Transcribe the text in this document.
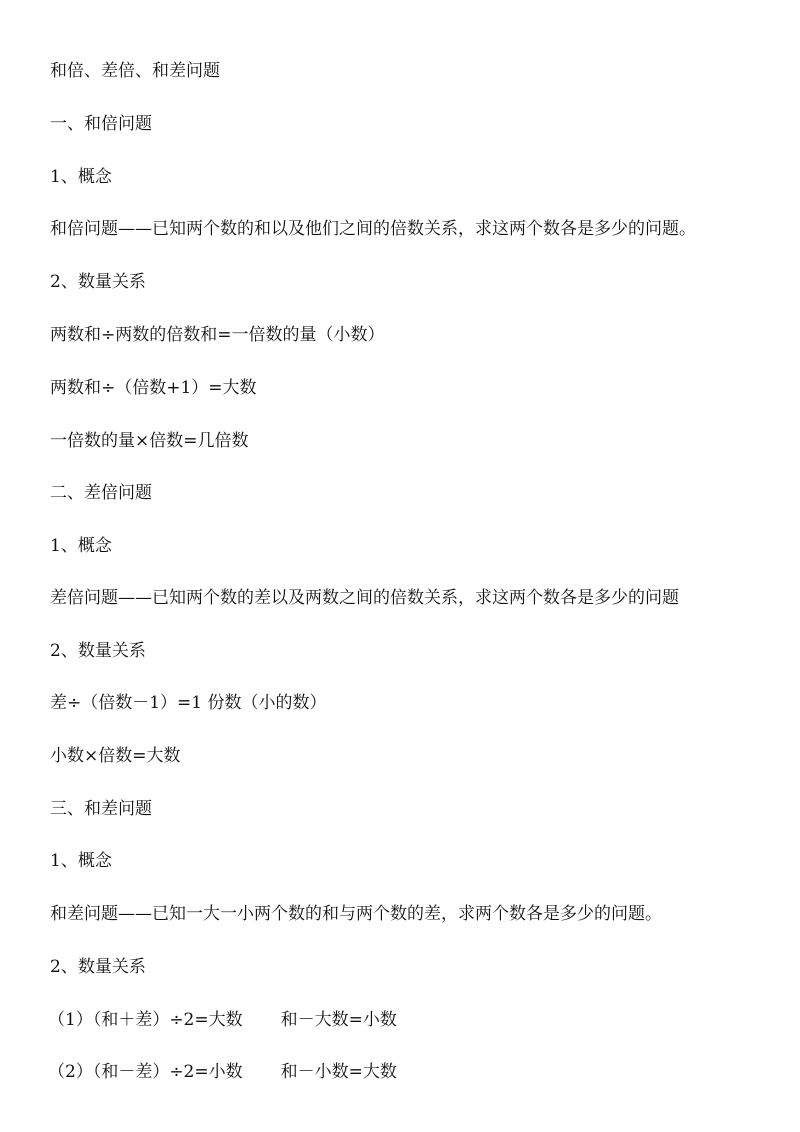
和倍、差倍、和差问题

一、和倍问题

1、概念

和倍问题——已知两个数的和以及他们之间的倍数关系，求这两个数各是多少的问题。

2、数量关系

两数和÷两数的倍数和=一倍数的量（小数）

两数和÷（倍数+1）=大数

一倍数的量×倍数=几倍数

二、差倍问题

1、概念

差倍问题——已知两个数的差以及两数之间的倍数关系，求这两个数各是多少的问题

2、数量关系

差÷（倍数－1）=1 份数（小的数）

小数×倍数=大数

三、和差问题

1、概念

和差问题——已知一大一小两个数的和与两个数的差，求两个数各是多少的问题。

2、数量关系

（1）（和＋差）÷2=大数 和－大数=小数

（2）（和－差）÷2=小数 和－小数=大数
